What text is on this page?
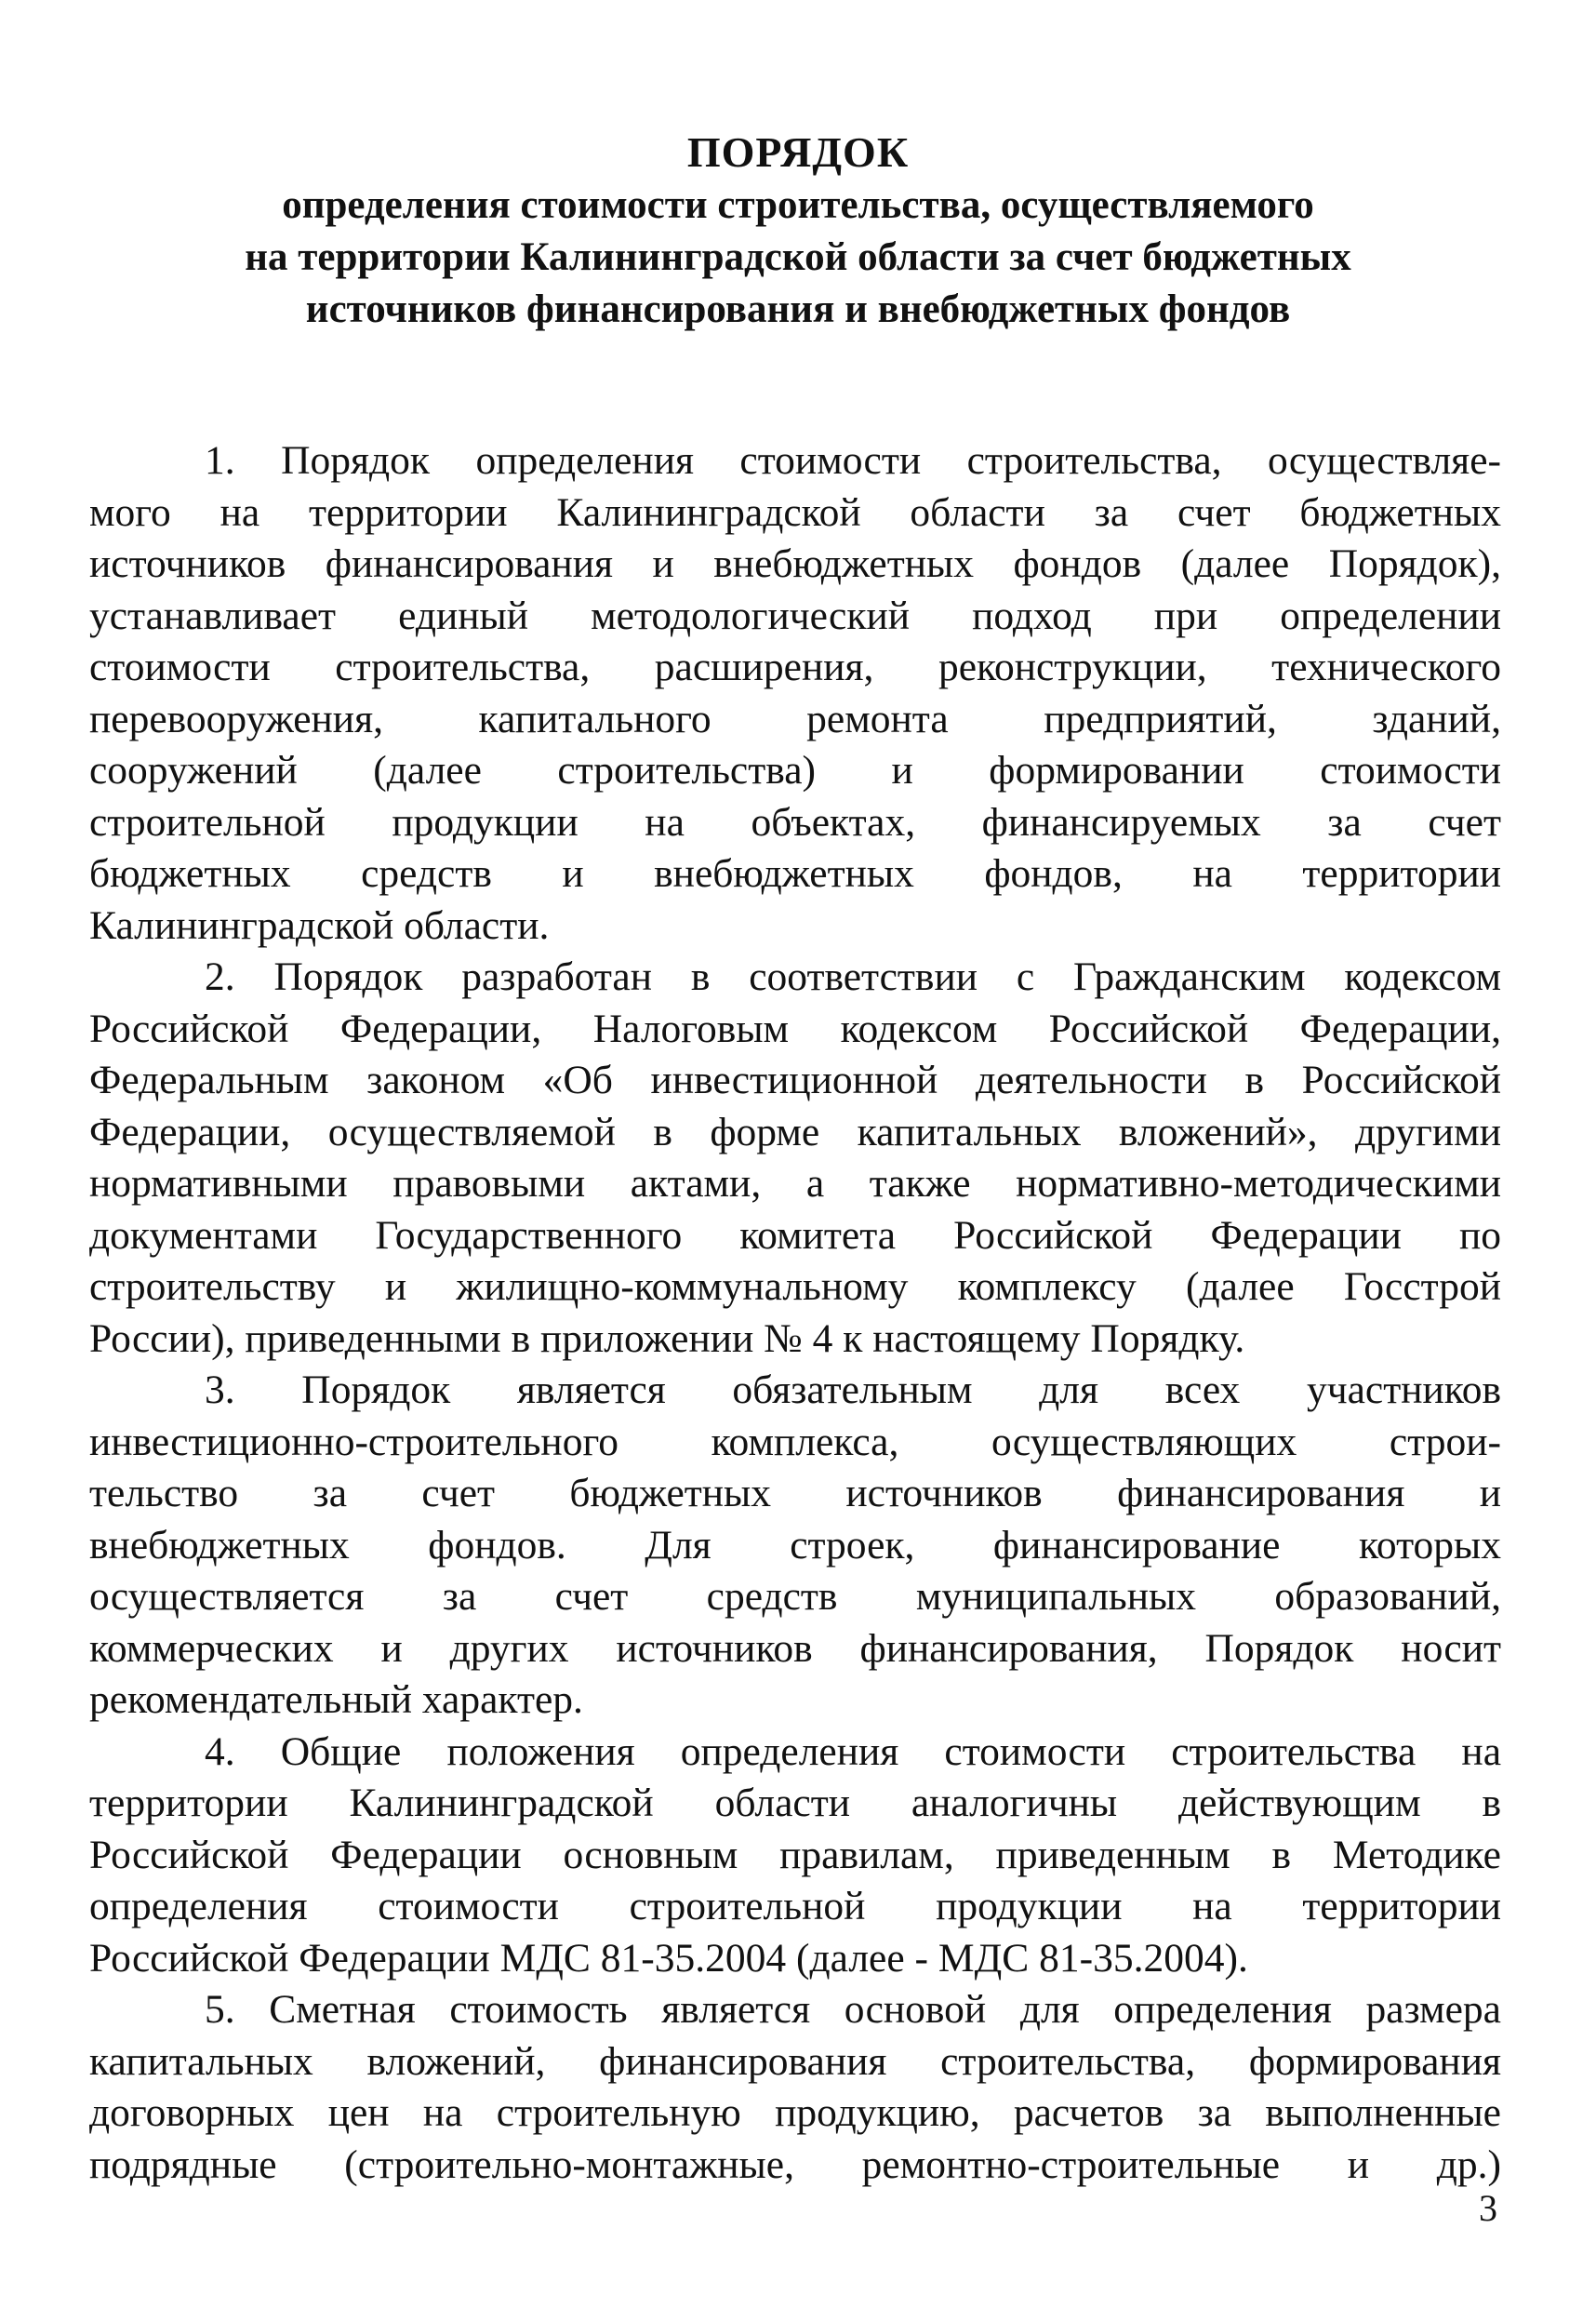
ПОРЯДОК
определения стоимости строительства, осуществляемого
на территории Калининградской области за счет бюджетных
источников финансирования и внебюджетных фондов
1. Порядок определения стоимости строительства, осуществляе-
мого на территории Калининградской области за счет бюджетных
источников финансирования и внебюджетных фондов (далее Порядок),
устанавливает единый методологический подход при определении
стоимости строительства, расширения, реконструкции, технического
перевооружения, капитального ремонта предприятий, зданий,
сооружений (далее строительства) и формировании стоимости
строительной продукции на объектах, финансируемых за счет
бюджетных средств и внебюджетных фондов, на территории
Калининградской области.
2. Порядок разработан в соответствии с Гражданским кодексом
Российской Федерации, Налоговым кодексом Российской Федерации,
Федеральным законом «Об инвестиционной деятельности в Российской
Федерации, осуществляемой в форме капитальных вложений», другими
нормативными правовыми актами, а также нормативно-методическими
документами Государственного комитета Российской Федерации по
строительству и жилищно-коммунальному комплексу (далее Госстрой
России), приведенными в приложении № 4 к настоящему Порядку.
3. Порядок является обязательным для всех участников
инвестиционно-строительного комплекса, осуществляющих строи-
тельство за счет бюджетных источников финансирования и
внебюджетных фондов. Для строек, финансирование которых
осуществляется за счет средств муниципальных образований,
коммерческих и других источников финансирования, Порядок носит
рекомендательный характер.
4. Общие положения определения стоимости строительства на
территории Калининградской области аналогичны действующим в
Российской Федерации основным правилам, приведенным в Методике
определения стоимости строительной продукции на территории
Российской Федерации МДС 81-35.2004 (далее - МДС 81-35.2004).
5. Сметная стоимость является основой для определения размера
капитальных вложений, финансирования строительства, формирования
договорных цен на строительную продукцию, расчетов за выполненные
подрядные (строительно-монтажные, ремонтно-строительные и др.)
3
